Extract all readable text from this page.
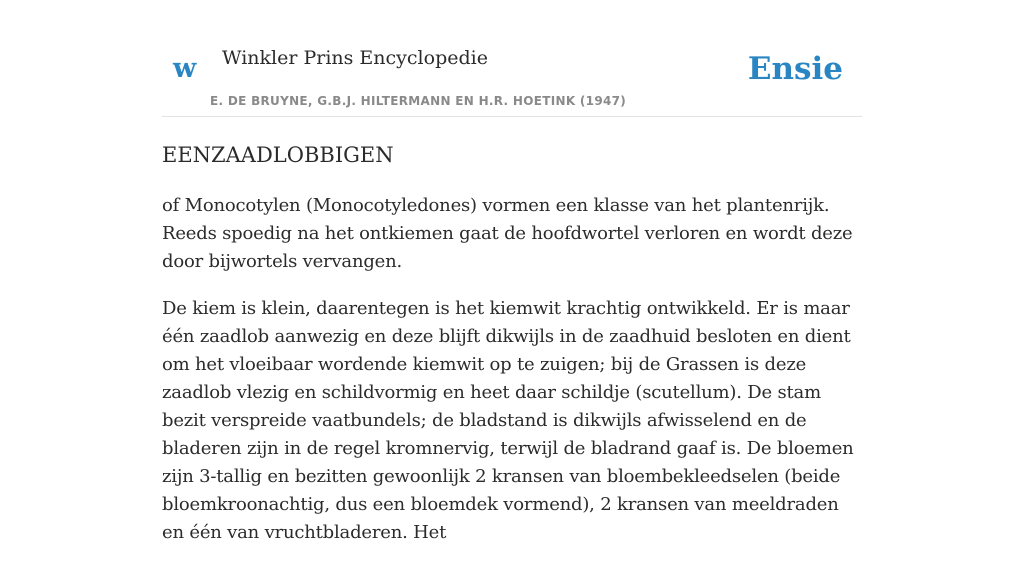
w Winkler Prins Encyclopedie	Ensie
E. DE BRUYNE, G.B.J. HILTERMANN EN H.R. HOETINK (1947)
EENZAADLOBBIGEN

of Monocotylen (Monocotyledones) vormen een klasse van het plantenrijk. Reeds spoedig na het ontkiemen gaat de hoofdwortel verloren en wordt deze door bijwortels vervangen.

De kiem is klein, daarentegen is het kiemwit krachtig ontwikkeld. Er is maar één zaadlob aanwezig en deze blijft dikwijls in de zaadhuid besloten en dient om het vloeibaar wordende kiemwit op te zuigen; bij de Grassen is deze zaadlob vlezig en schildvormig en heet daar schildje (scutellum). De stam bezit verspreide vaatbundels; de bladstand is dikwijls afwisselend en de bladeren zijn in de regel kromnervig, terwijl de bladrand gaaf is. De bloemen zijn 3-tallig en bezitten gewoonlijk 2 kransen van bloembekleedselen (beide bloemkroonachtig, dus een bloemdek vormend), 2 kransen van meeldraden en één van vruchtbladeren. Het
